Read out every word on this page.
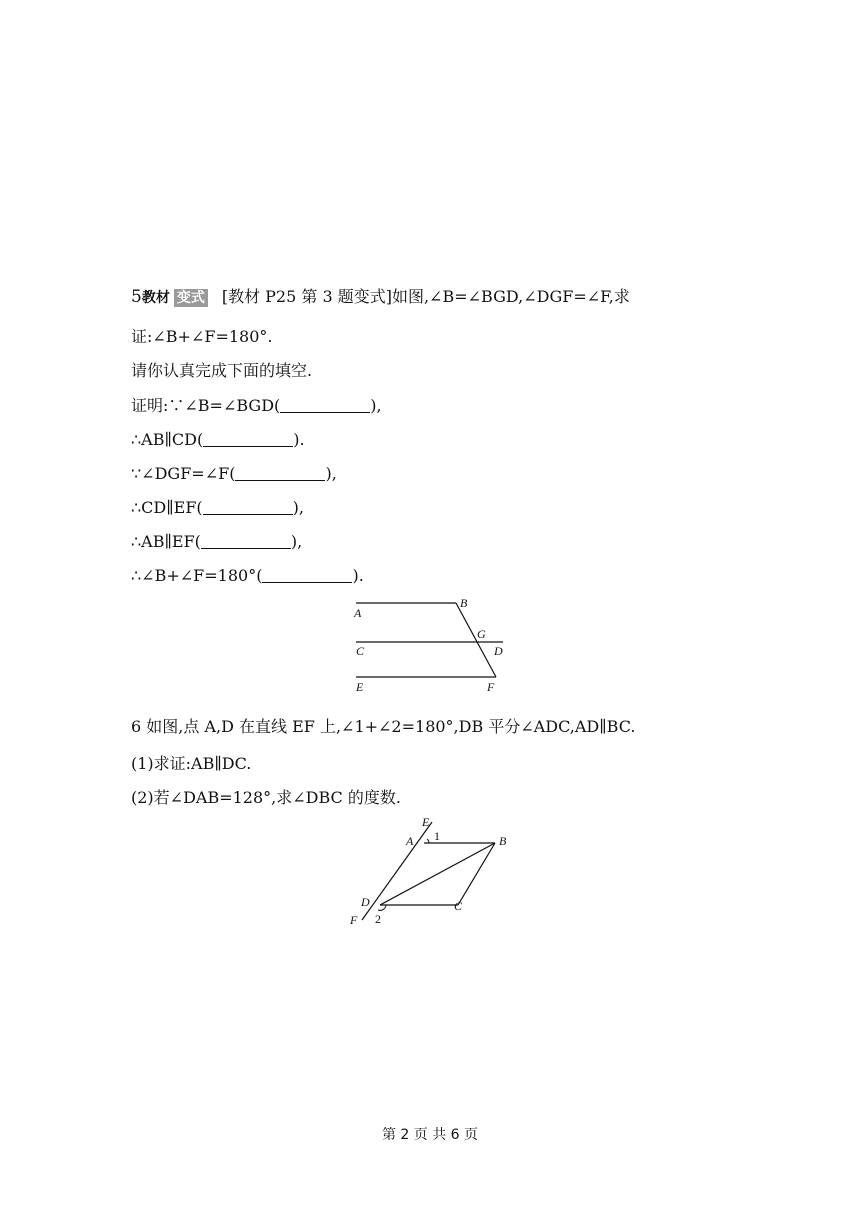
5教材 变式 [教材 P25 第 3 题变式]如图,∠B=∠BGD,∠DGF=∠F,求
证:∠B+∠F=180°.
请你认真完成下面的填空.
证明:∵∠B=∠BGD(	),
∴AB∥CD(	).
∵∠DGF=∠F(	),
∴CD∥EF(	),
∴AB∥EF(	),
∴∠B+∠F=180°(	).
A
B
G
C	D
E	F
6 如图,点 A,D 在直线 EF 上,∠1+∠2=180°,DB 平分∠ADC,AD∥BC.
(1)求证:AB∥DC.
(2)若∠DAB=128°,求∠DBC 的度数.
E
A 1	B
D	C
F 2
第 2 页 共 6 页
